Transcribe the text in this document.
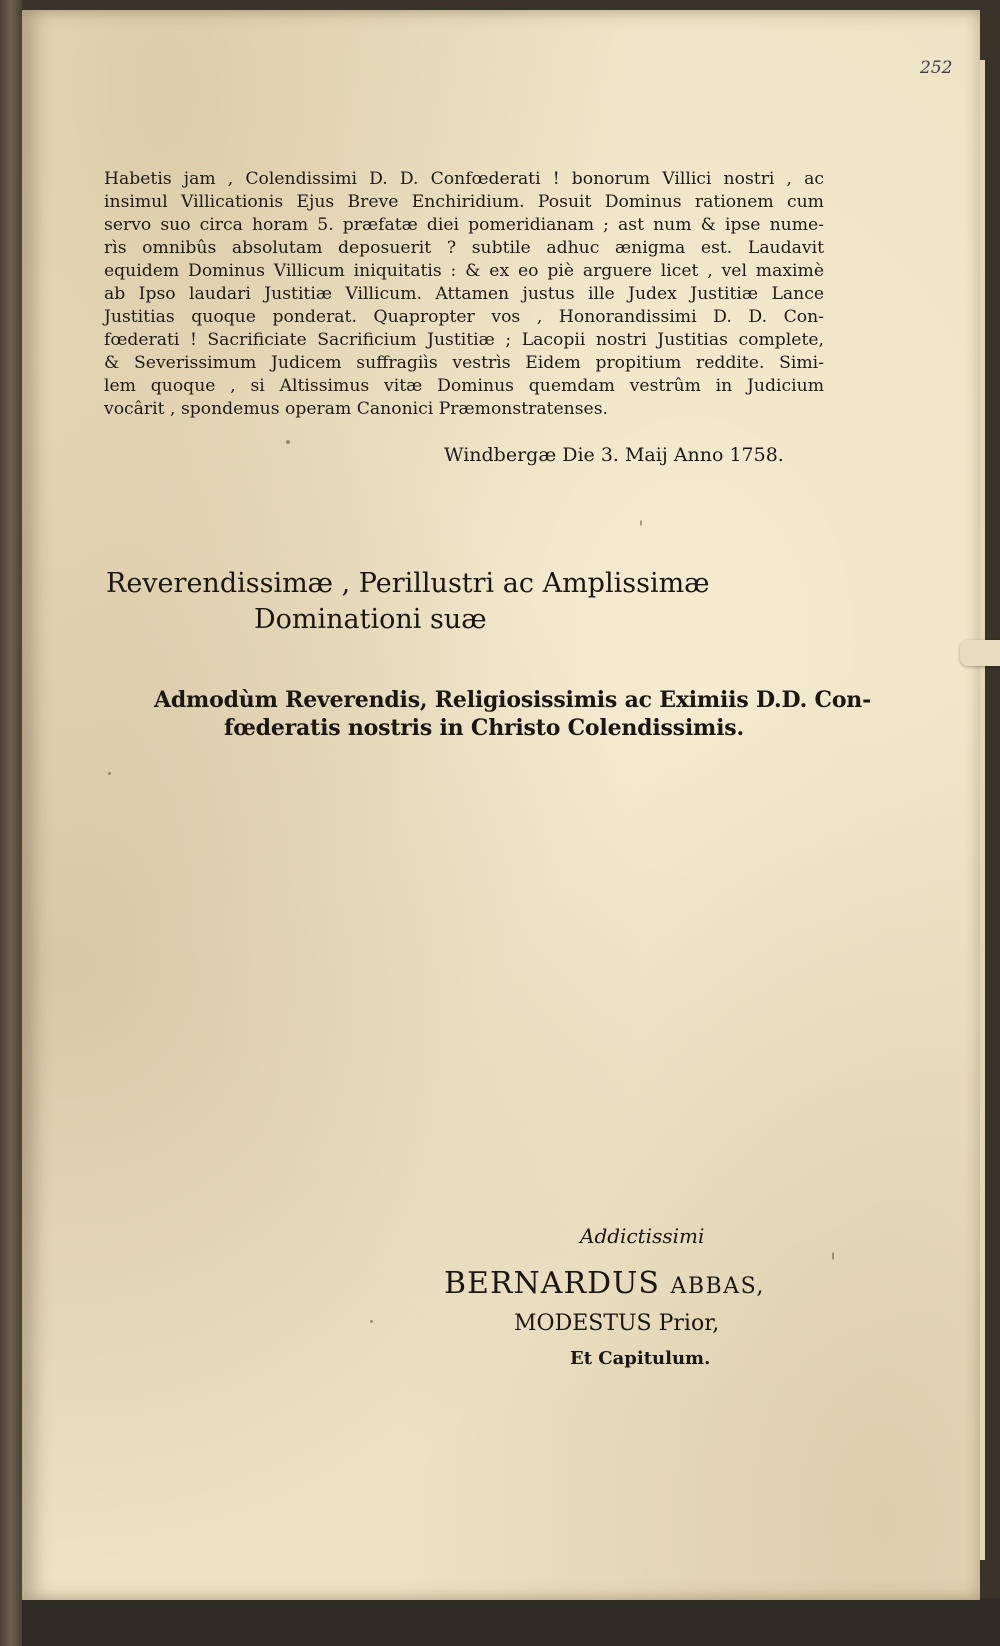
252
Habetis jam , Colendissimi D. D. Confœderati ! bonorum Villici nostri , ac
insimul Villicationis Ejus Breve Enchiridium. Posuit Dominus rationem cum
servo suo circa horam 5. præfatæ diei pomeridianam ; ast num & ipse nume-
rìs omnibûs absolutam deposuerit ? subtile adhuc ænigma est. Laudavit
equidem Dominus Villicum iniquitatis : & ex eo piè arguere licet , vel maximè
ab Ipso laudari Justitiæ Villicum. Attamen justus ille Judex Justitiæ Lance
Justitias quoque ponderat. Quapropter vos , Honorandissimi D. D. Con-
fœderati ! Sacrificiate Sacrificium Justitiæ ; Lacopii nostri Justitias complete,
& Severissimum Judicem suffragiìs vestrìs Eidem propitium reddite. Simi-
lem quoque , si Altissimus vitæ Dominus quemdam vestrûm in Judicium
vocârit , spondemus operam Canonici Præmonstratenses.
Windbergæ Die 3. Maij Anno 1758.
Reverendissimæ , Perillustri ac Amplissimæ
Dominationi suæ
Admodùm Reverendis, Religiosissimis ac Eximiis D.D. Con-
fœderatis nostris in Christo Colendissimis.
Addictissimi
BERNARDUS ABBAS,
MODESTUS Prior,
Et Capitulum.
